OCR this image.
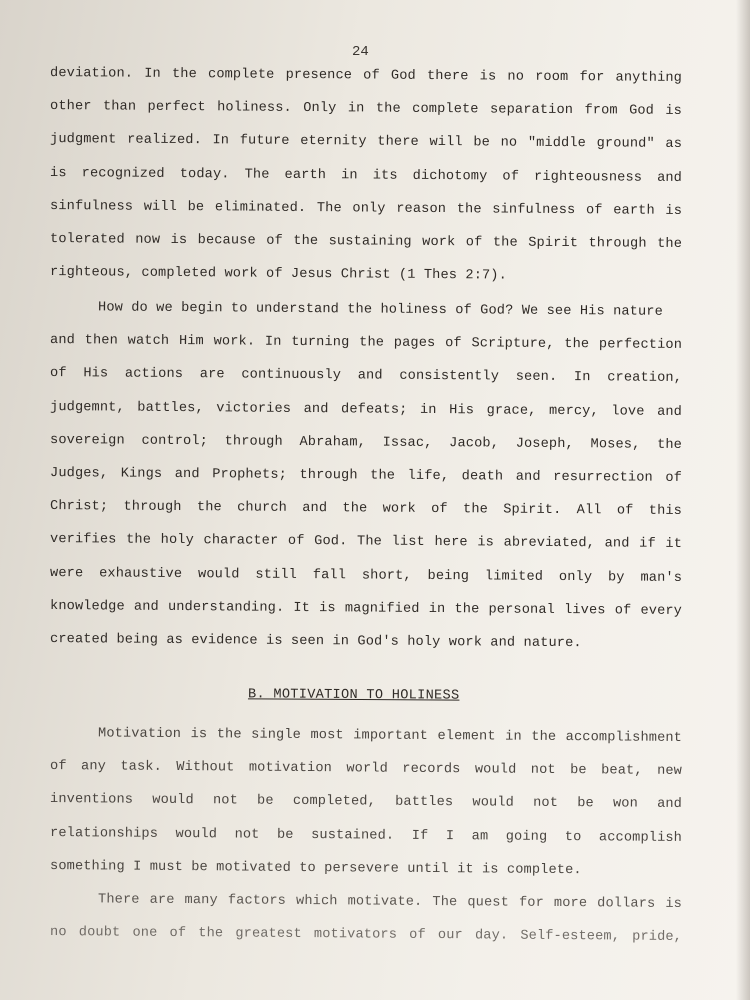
24
deviation. In the complete presence of God there is no room for anything
other than perfect holiness. Only in the complete separation from God is
judgment realized. In future eternity there will be no "middle ground" as
is recognized today. The earth in its dichotomy of righteousness and
sinfulness will be eliminated. The only reason the sinfulness of earth is
tolerated now is because of the sustaining work of the Spirit through the
righteous, completed work of Jesus Christ (1 Thes 2:7).
How do we begin to understand the holiness of God? We see His nature
and then watch Him work. In turning the pages of Scripture, the perfection
of His actions are continuously and consistently seen. In creation,
judgemnt, battles, victories and defeats; in His grace, mercy, love and
sovereign control; through Abraham, Issac, Jacob, Joseph, Moses, the
Judges, Kings and Prophets; through the life, death and resurrection of
Christ; through the church and the work of the Spirit. All of this
verifies the holy character of God. The list here is abreviated, and if it
were exhaustive would still fall short, being limited only by man's
knowledge and understanding. It is magnified in the personal lives of every
created being as evidence is seen in God's holy work and nature.
B. MOTIVATION TO HOLINESS
Motivation is the single most important element in the accomplishment
of any task. Without motivation world records would not be beat, new
inventions would not be completed, battles would not be won and
relationships would not be sustained. If I am going to accomplish
something I must be motivated to persevere until it is complete.
There are many factors which motivate. The quest for more dollars is
no doubt one of the greatest motivators of our day. Self-esteem, pride,
